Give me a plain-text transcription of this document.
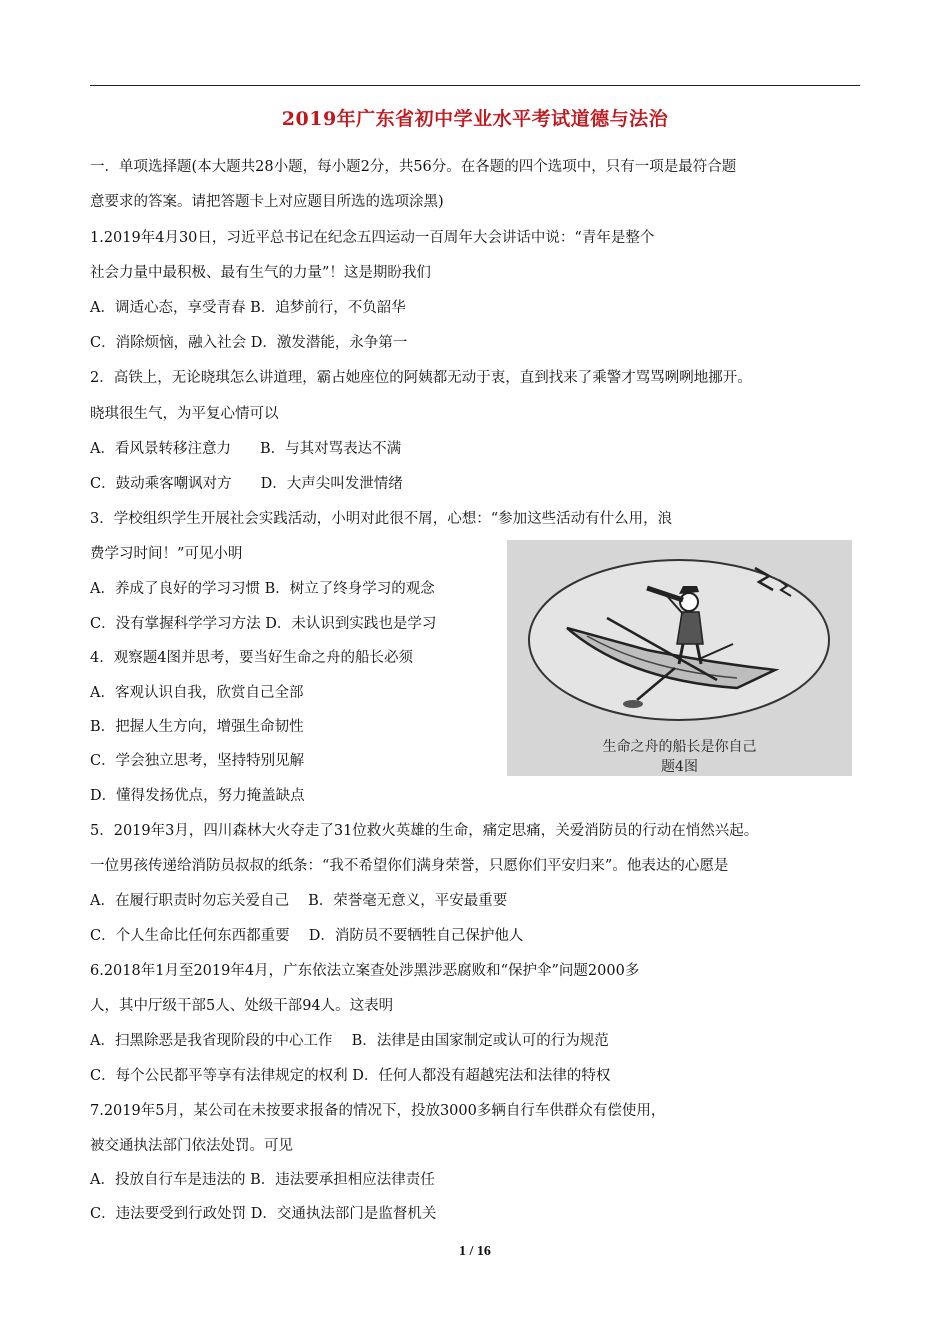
2019年广东省初中学业水平考试道德与法治
一．单项选择题(本大题共28小题，每小题2分，共56分。在各题的四个选项中，只有一项是最符合题
意要求的答案。请把答题卡上对应题目所选的选项涂黑)
1.2019年4月30日，习近平总书记在纪念五四运动一百周年大会讲话中说：“青年是整个
社会力量中最积极、最有生气的力量”！这是期盼我们
A．调适心态，享受青春 B．追梦前行，不负韶华
C．消除烦恼，融入社会 D．激发潜能，永争第一
2．高铁上，无论晓琪怎么讲道理，霸占她座位的阿姨都无动于衷，直到找来了乘警才骂骂咧咧地挪开。
晓琪很生气，为平复心情可以
A．看风景转移注意力　　B．与其对骂表达不满
C．鼓动乘客嘲讽对方　　D．大声尖叫发泄情绪
3．学校组织学生开展社会实践活动，小明对此很不屑，心想：“参加这些活动有什么用，浪
费学习时间！”可见小明
A．养成了良好的学习习惯 B．树立了终身学习的观念
C．没有掌握科学学习方法 D．未认识到实践也是学习
4．观察题4图并思考，要当好生命之舟的船长必须
A．客观认识自我，欣赏自己全部
B．把握人生方向，增强生命韧性
C．学会独立思考，坚持特别见解
D．懂得发扬优点，努力掩盖缺点
5．2019年3月，四川森林大火夺走了31位救火英雄的生命，痛定思痛，关爱消防员的行动在悄然兴起。
一位男孩传递给消防员叔叔的纸条：“我不希望你们满身荣誉，只愿你们平安归来”。他表达的心愿是
A．在履行职责时勿忘关爱自己　 B．荣誉毫无意义，平安最重要
C．个人生命比任何东西都重要　 D．消防员不要牺牲自己保护他人
6.2018年1月至2019年4月，广东依法立案查处涉黑涉恶腐败和“保护伞”问题2000多
人，其中厅级干部5人、处级干部94人。这表明
A．扫黑除恶是我省现阶段的中心工作　 B．法律是由国家制定或认可的行为规范
C．每个公民都平等享有法律规定的权利 D．任何人都没有超越宪法和法律的特权
7.2019年5月，某公司在未按要求报备的情况下，投放3000多辆自行车供群众有偿使用，
被交通执法部门依法处罚。可见
A．投放自行车是违法的 B．违法要承担相应法律责任
C．违法要受到行政处罚 D．交通执法部门是监督机关
生命之舟的船长是你自己
题4图
1 / 16
